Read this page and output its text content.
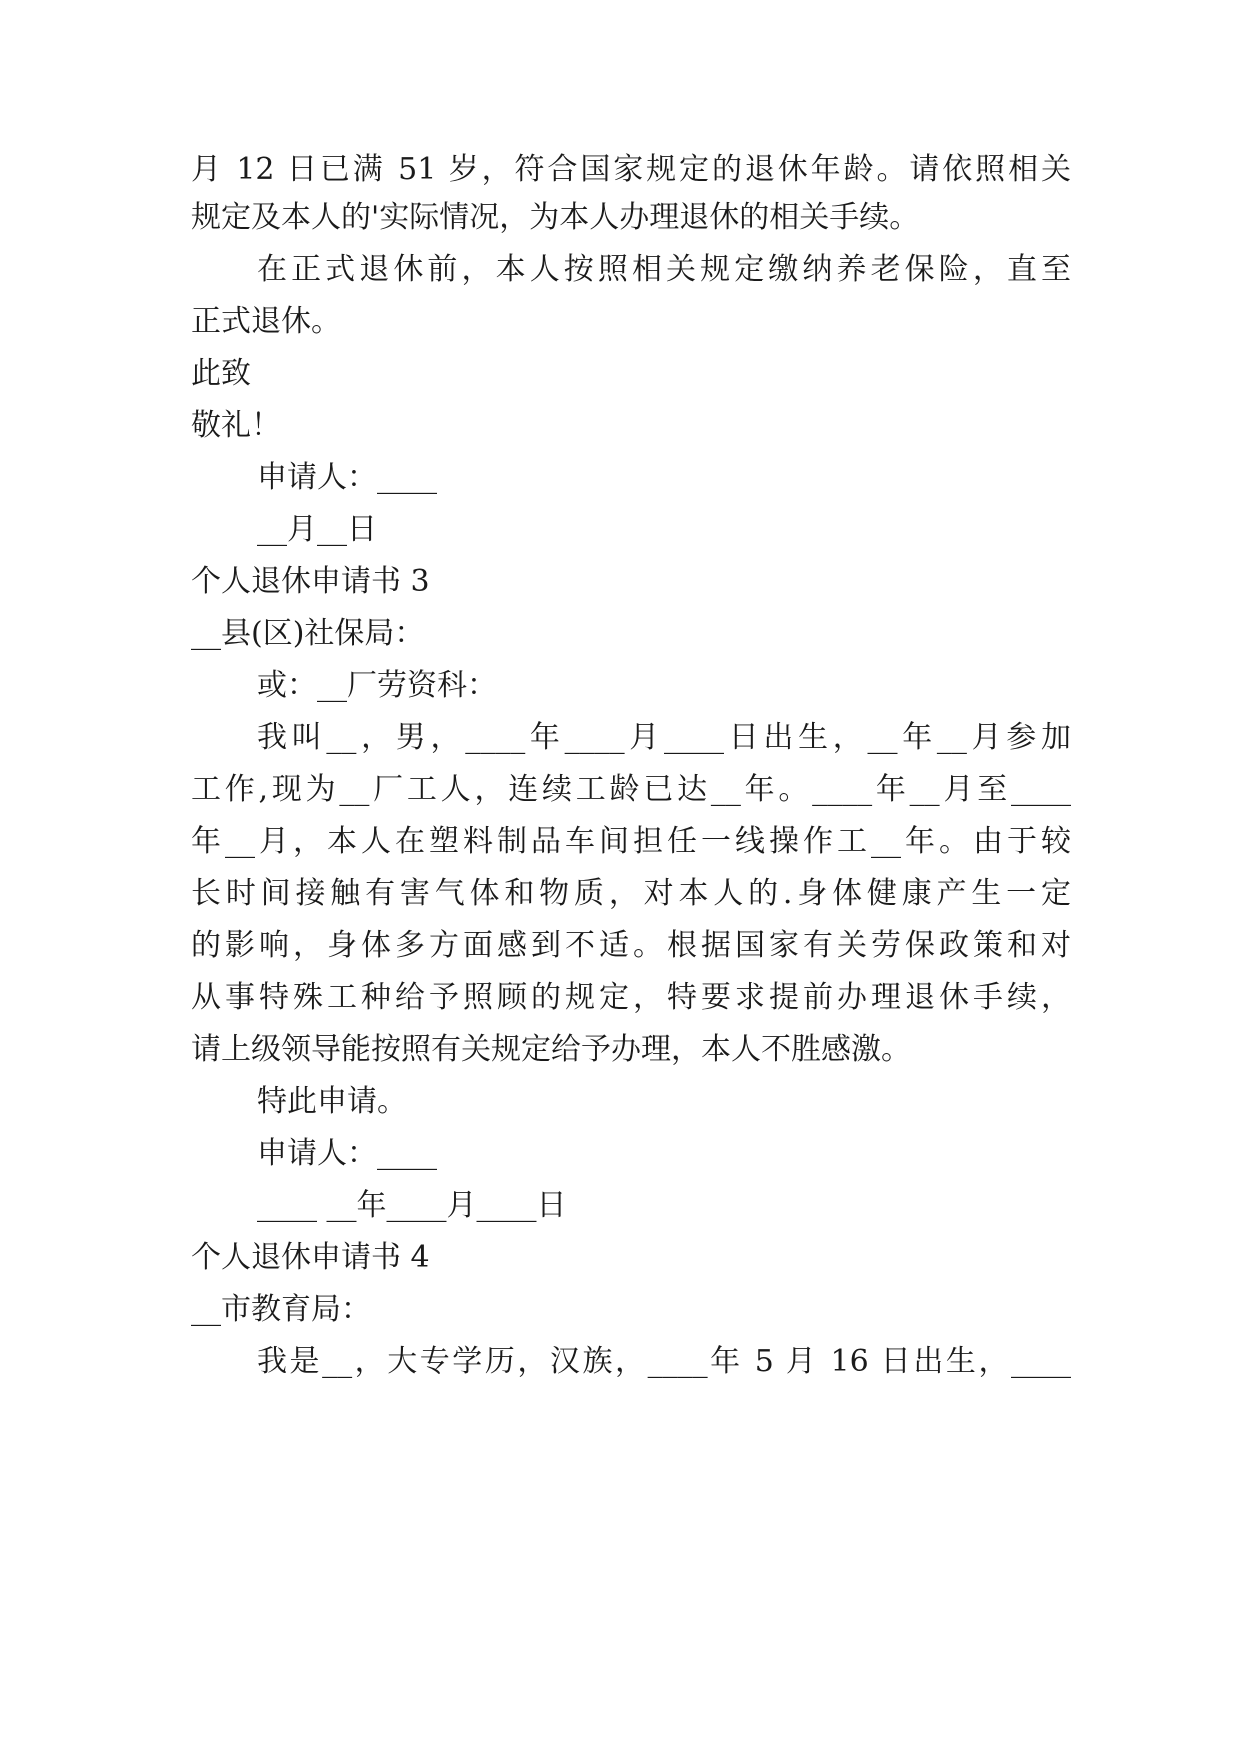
月 12 日已满 51 岁，符合国家规定的退休年龄。请依照相关
规定及本人的'实际情况，为本人办理退休的相关手续。
在正式退休前，本人按照相关规定缴纳养老保险，直至
正式退休。
此致
敬礼！
申请人：____
__月__日
个人退休申请书 3
__县(区)社保局：
或：__厂劳资科：
我叫__，男，____年____月____日出生，__年__月参加
工作,现为__厂工人，连续工龄已达__年。____年__月至____
年__月，本人在塑料制品车间担任一线操作工__年。由于较
长时间接触有害气体和物质，对本人的.身体健康产生一定
的影响，身体多方面感到不适。根据国家有关劳保政策和对
从事特殊工种给予照顾的规定，特要求提前办理退休手续，
请上级领导能按照有关规定给予办理，本人不胜感激。
特此申请。
申请人：____
____ __年____月____日
个人退休申请书 4
__市教育局：
我是__，大专学历，汉族，____年 5 月 16 日出生，____
